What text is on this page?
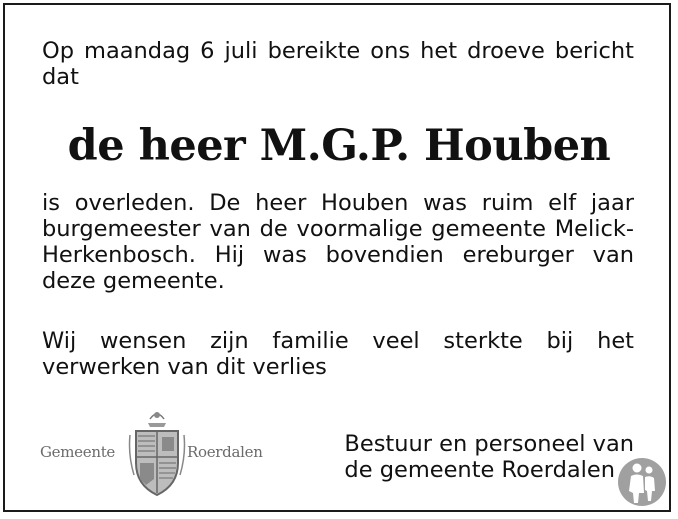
Op maandag 6 juli bereikte ons het droeve bericht dat
de heer M.G.P. Houben
is overleden. De heer Houben was ruim elf jaar burgemeester van de voormalige gemeente Melick-Herkenbosch. Hij was bovendien ereburger van deze gemeente.
Wij wensen zijn familie veel sterkte bij het verwerken van dit verlies
Gemeente	Roerdalen	Bestuur en personeel van
de gemeente Roerdalen
